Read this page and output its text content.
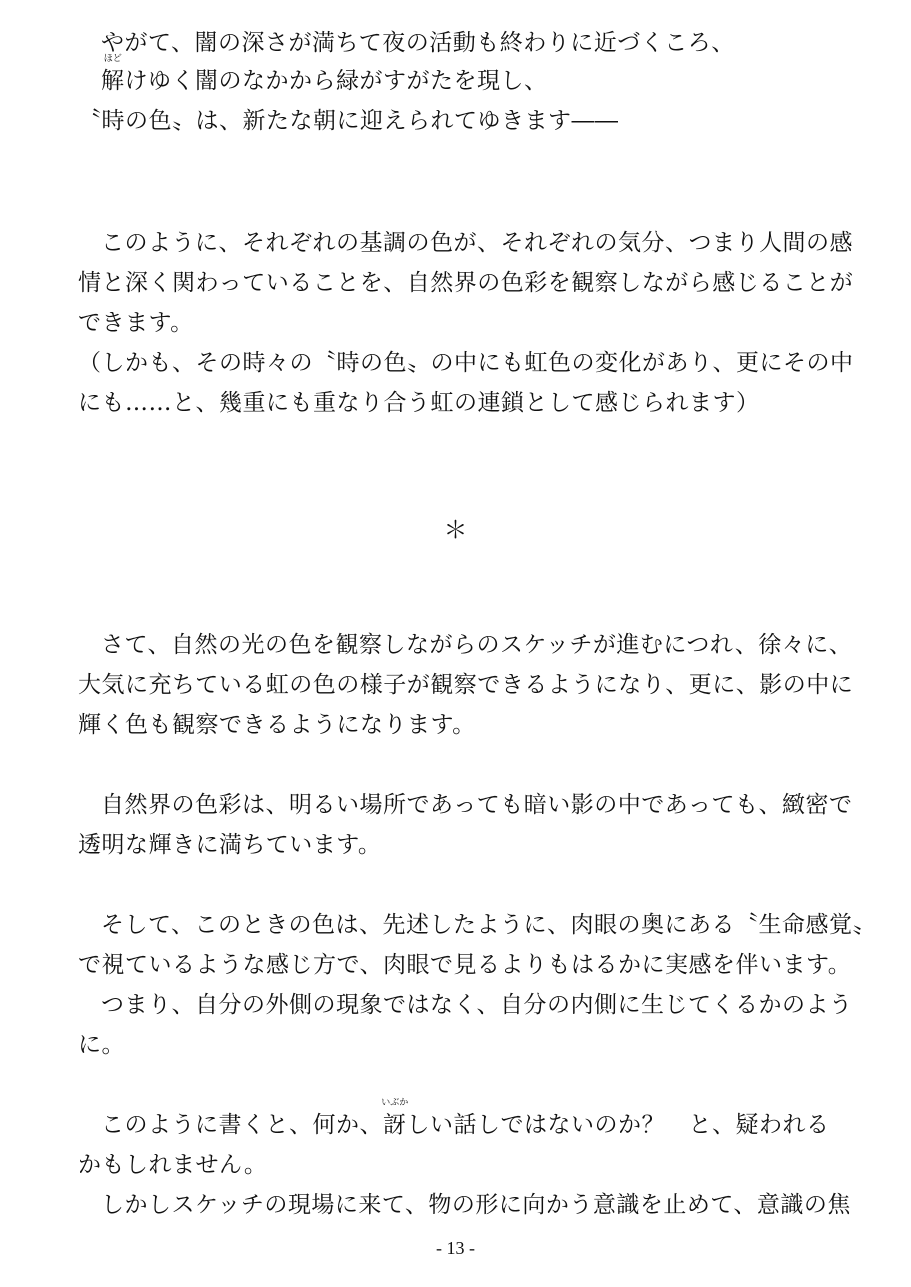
やがて、闇の深さが満ちて夜の活動も終わりに近づくころ、
ほど
解けゆく闇のなかから緑がすがたを現し、
〝時の色〟は、新たな朝に迎えられてゆきます――
このように、それぞれの基調の色が、それぞれの気分、つまり人間の感
情と深く関わっていることを、自然界の色彩を観察しながら感じることが
できます。
（しかも、その時々の〝時の色〟の中にも虹色の変化があり、更にその中
にも……と、幾重にも重なり合う虹の連鎖として感じられます）
＊
さて、自然の光の色を観察しながらのスケッチが進むにつれ、徐々に、
大気に充ちている虹の色の様子が観察できるようになり、更に、影の中に
輝く色も観察できるようになります。
自然界の色彩は、明るい場所であっても暗い影の中であっても、緻密で
透明な輝きに満ちています。
そして、このときの色は、先述したように、肉眼の奥にある〝生命感覚〟
で視ているような感じ方で、肉眼で見るよりもはるかに実感を伴います。
つまり、自分の外側の現象ではなく、自分の内側に生じてくるかのよう
に。
このように書くと、何か、
いぶか
訝しい話しではないのか？　と、疑われる
かもしれません。
しかしスケッチの現場に来て、物の形に向かう意識を止めて、意識の焦
- 13 -
